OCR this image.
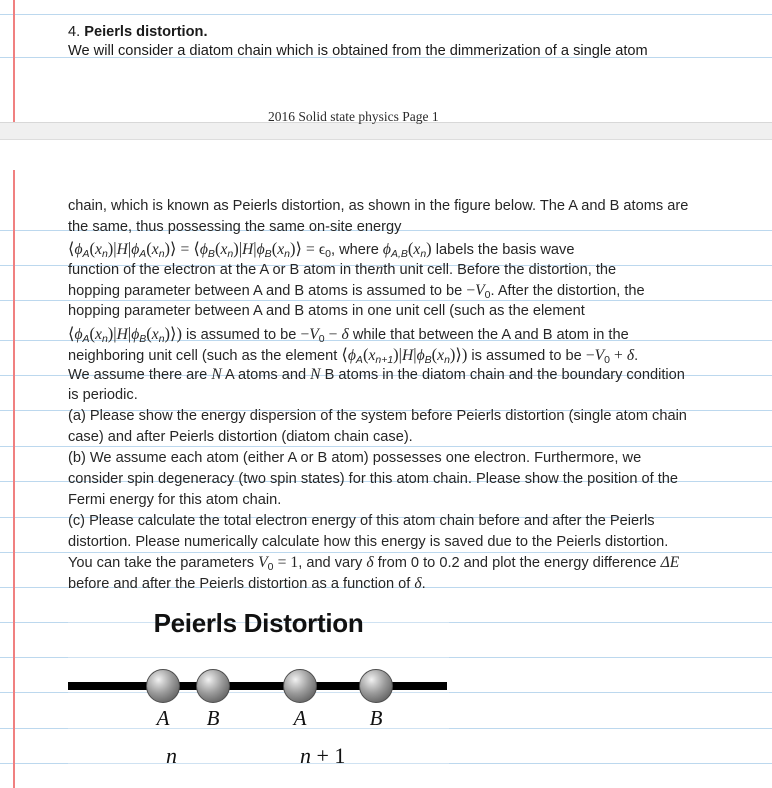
4. Peierls distortion.
We will consider a diatom chain which is obtained from the dimmerization of a single atom
2016 Solid state physics Page 1
chain, which is known as Peierls distortion, as shown in the figure below. The A and B atoms are
the same, thus possessing the same on-site energy
$⟨\phi_A(x_n)|H|\phi_A(x_n)⟩$ = $⟨\phi_B(x_n)|H|\phi_B(x_n)⟩ = \epsilon_0$, where $\phi_{A,B}(x_n)$ labels the basis wave
function of the electron at the A or B atom in thenth unit cell. Before the distortion, the
hopping parameter between A and B atoms is assumed to be $-V_0$. After the distortion, the
hopping parameter between A and B atoms in one unit cell (such as the element
$⟨\phi_A(x_n)|H|\phi_B(x_n)⟩$) is assumed to be $-V_0 - \delta$ while that between the A and B atom in the
neighboring unit cell (such as the element $⟨\phi_A(x_{n+1})|H|\phi_B(x_n)⟩$) is assumed to be $-V_0 + \delta$.
We assume there are N A atoms and N B atoms in the diatom chain and the boundary condition
is periodic.
(a) Please show the energy dispersion of the system before Peierls distortion (single atom chain
case) and after Peierls distortion (diatom chain case).
(b) We assume each atom (either A or B atom) possesses one electron. Furthermore, we
consider spin degeneracy (two spin states) for this atom chain. Please show the position of the
Fermi energy for this atom chain.
(c) Please calculate the total electron energy of this atom chain before and after the Peierls
distortion. Please numerically calculate how this energy is saved due to the Peierls distortion.
You can take the parameters $V_0 = 1$, and vary δ from 0 to 0.2 and plot the energy difference ΔE
before and after the Peierls distortion as a function of δ.
Peierls Distortion
A	B	A	B
n	n + 1
